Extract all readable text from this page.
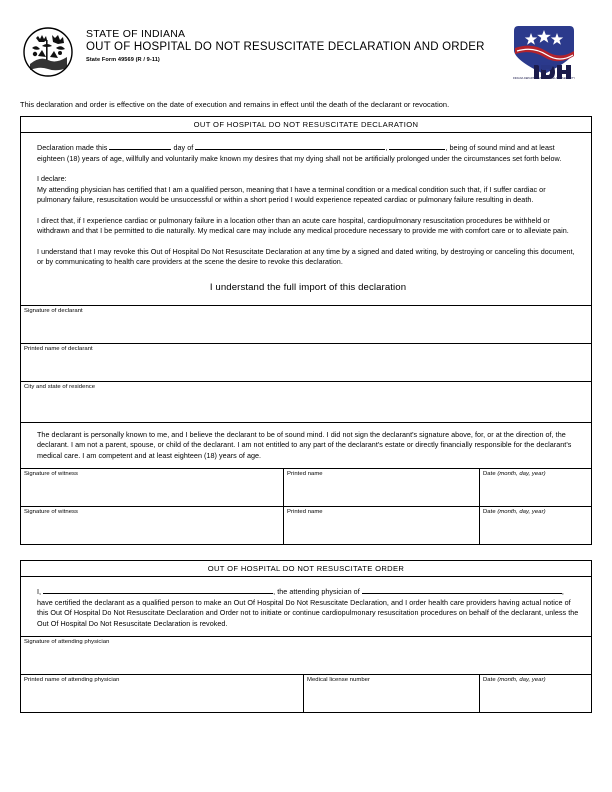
STATE OF INDIANA
OUT OF HOSPITAL DO NOT RESUSCITATE DECLARATION AND ORDER
State Form 49569 (R / 9-11)
INDIANA DEPARTMENT OF HOMELAND SECURITY
This declaration and order is effective on the date of execution and remains in effect until the death of the declarant or revocation.
OUT OF HOSPITAL DO NOT RESUSCITATE DECLARATION

Declaration made this	day of	,	, being of sound mind and at least eighteen (18) years of age, willfully and voluntarily make known my desires that my dying shall not be artificially prolonged under the circumstances set forth below.

I declare:

My attending physician has certified that I am a qualified person, meaning that I have a terminal condition or a medical condition such that, if I suffer cardiac or pulmonary failure, resuscitation would be unsuccessful or within a short period I would experience repeated cardiac or pulmonary failure resulting in death.

I direct that, if I experience cardiac or pulmonary failure in a location other than an acute care hospital, cardiopulmonary resuscitation procedures be withheld or withdrawn and that I be permitted to die naturally. My medical care may include any medical procedure necessary to provide me with comfort care or to alleviate pain.

I understand that I may revoke this Out of Hospital Do Not Resuscitate Declaration at any time by a signed and dated writing, by destroying or canceling this document, or by communicating to health care providers at the scene the desire to revoke this declaration.

I understand the full import of this declaration
Signature of declarant
Printed name of declarant
City and state of residence

The declarant is personally known to me, and I believe the declarant to be of sound mind. I did not sign the declarant's signature above, for, or at the direction of, the declarant. I am not a parent, spouse, or child of the declarant. I am not entitled to any part of the declarant's estate or directly financially responsible for the declarant's medical care. I am competent and at least eighteen (18) years of age.

Signature of witness	Printed name	Date (month, day, year)
Signature of witness	Printed name	Date (month, day, year)
OUT OF HOSPITAL DO NOT RESUSCITATE ORDER

I,	, the attending physician of	, have certified the declarant as a qualified person to make an Out Of Hospital Do Not Resuscitate Declaration, and I order health care providers having actual notice of this Out Of Hospital Do Not Resuscitate Declaration and Order not to initiate or continue cardiopulmonary resuscitation procedures on behalf of the declarant, unless the Out Of Hospital Do Not Resuscitate Declaration is revoked.

Signature of attending physician
Printed name of attending physician	Medical license number	Date (month, day, year)
